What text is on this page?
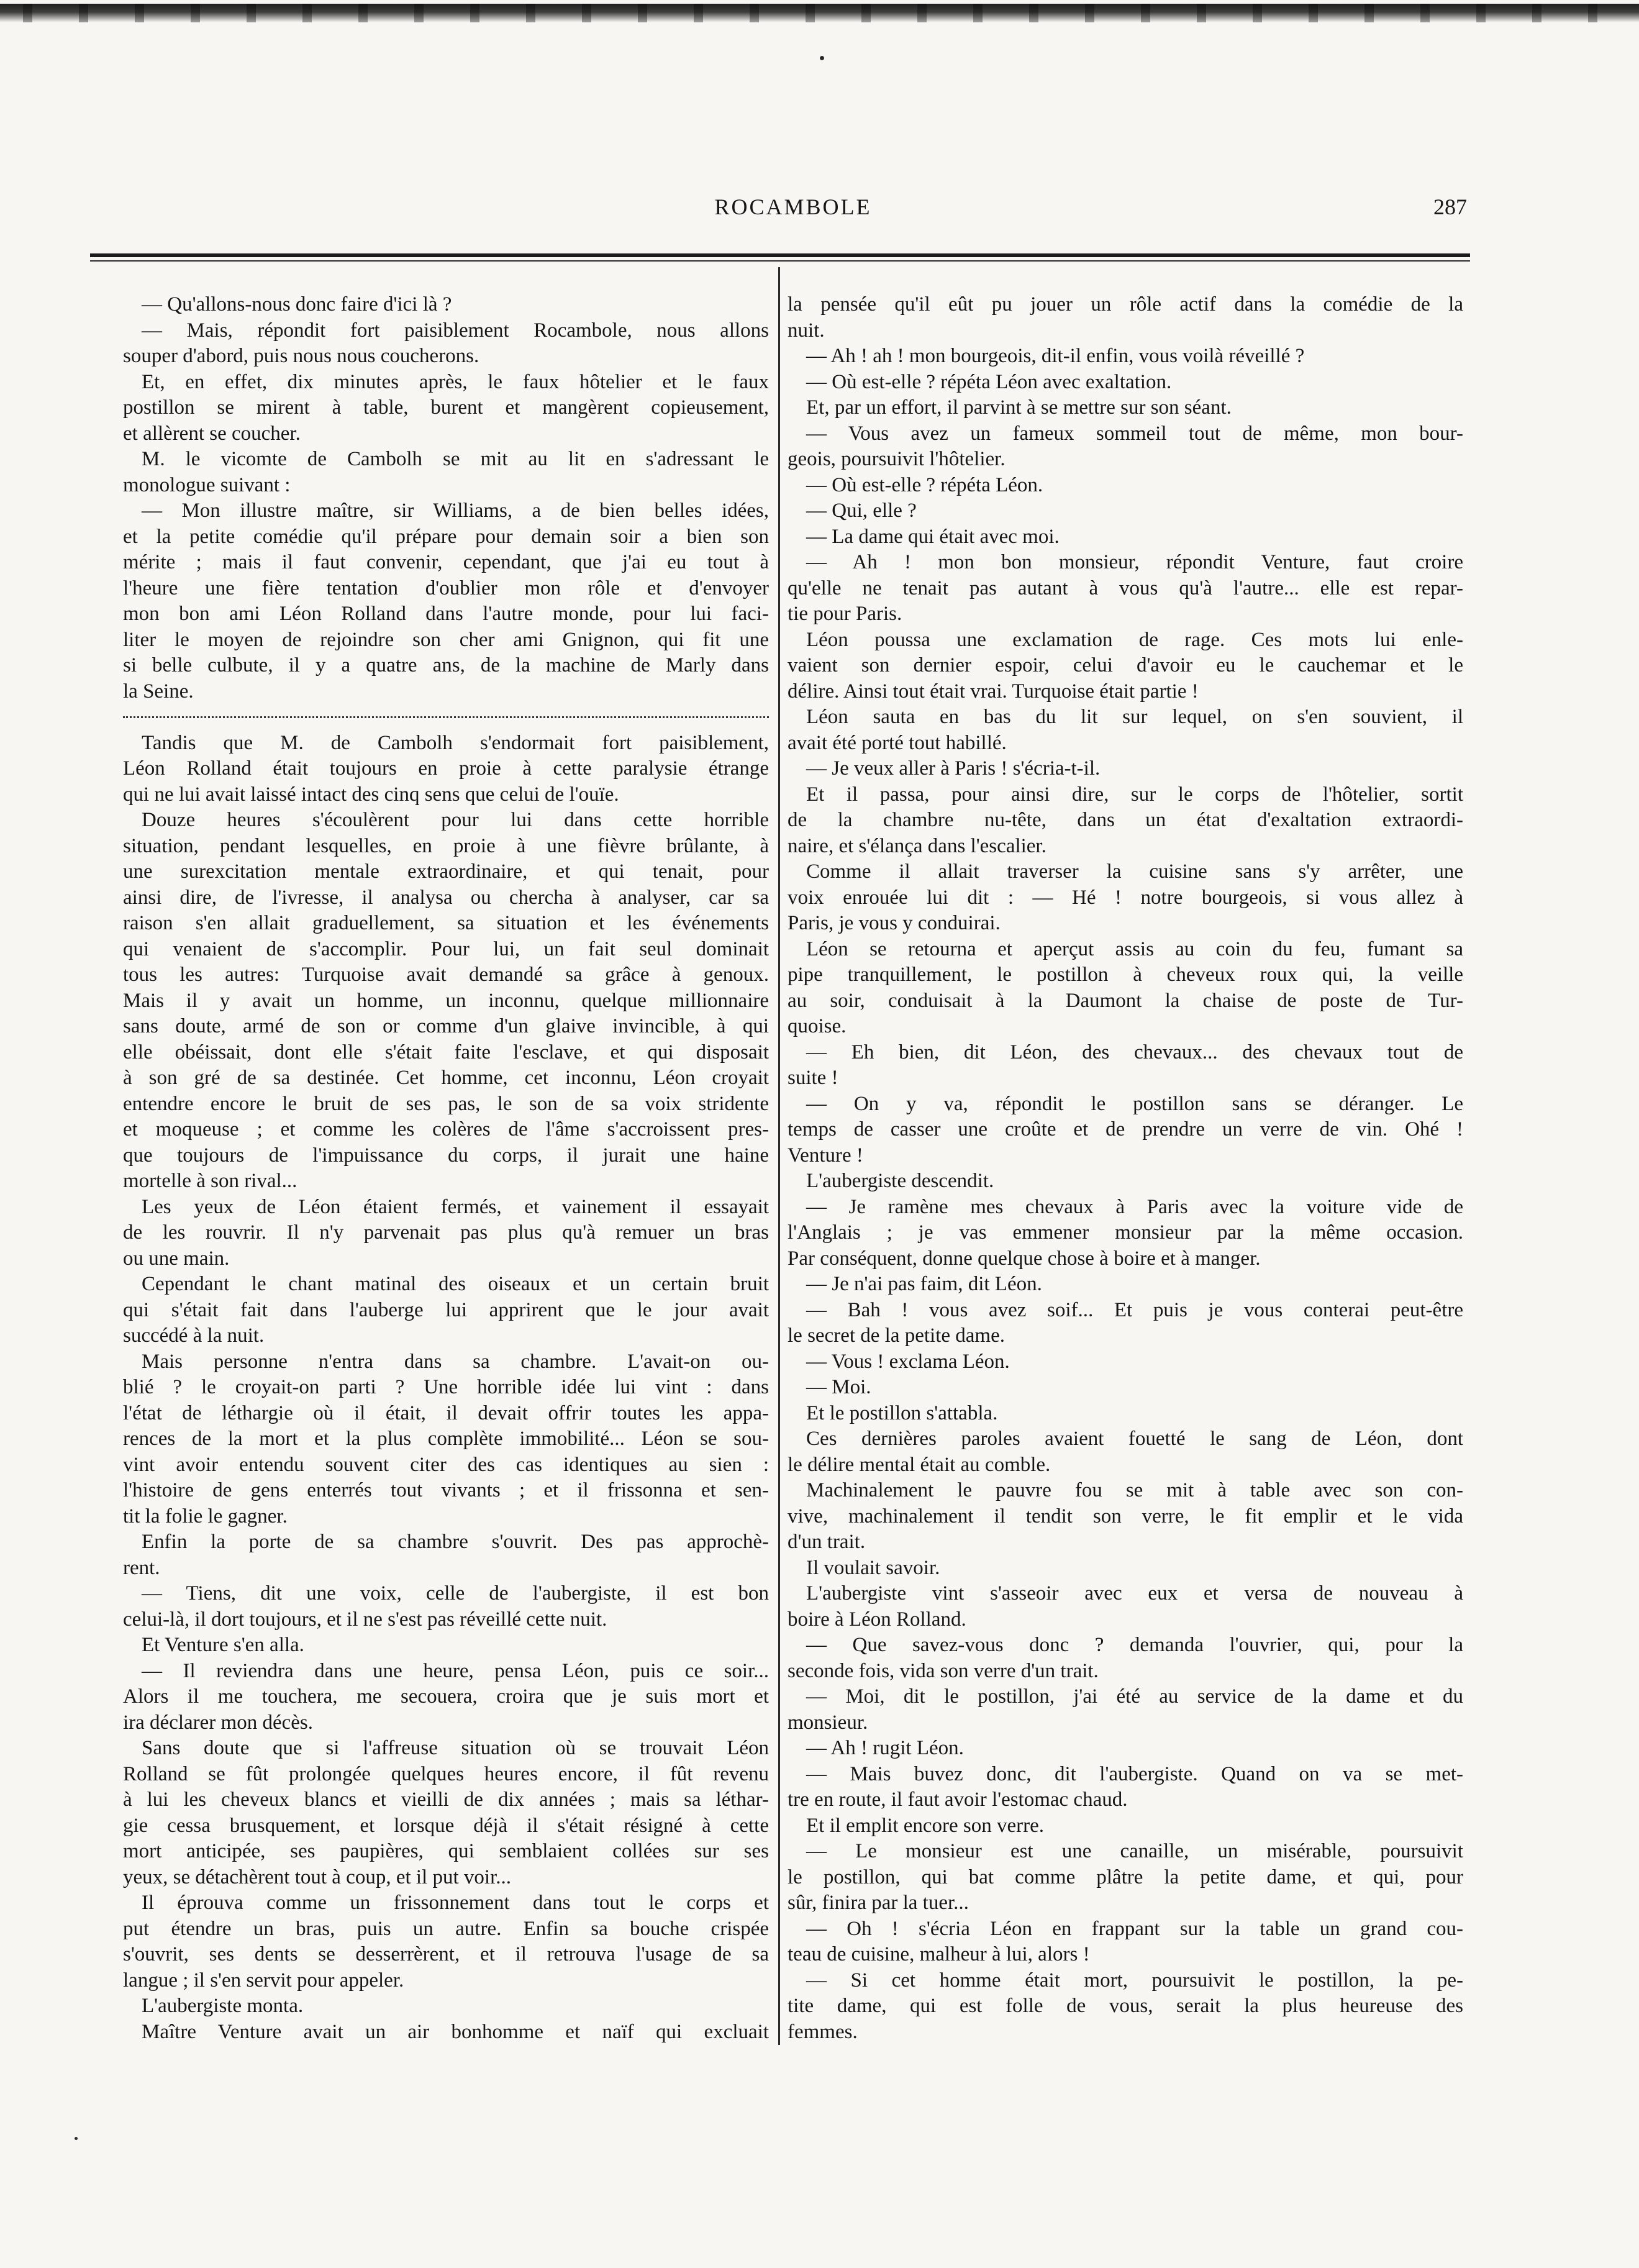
ROCAMBOLE	287
— Qu'allons-nous donc faire d'ici là ?
— Mais, répondit fort paisiblement Rocambole, nous allons
souper d'abord, puis nous nous coucherons.
Et, en effet, dix minutes après, le faux hôtelier et le faux
postillon se mirent à table, burent et mangèrent copieusement,
et allèrent se coucher.
M. le vicomte de Cambolh se mit au lit en s'adressant le
monologue suivant :
— Mon illustre maître, sir Williams, a de bien belles idées,
et la petite comédie qu'il prépare pour demain soir a bien son
mérite ; mais il faut convenir, cependant, que j'ai eu tout à
l'heure une fière tentation d'oublier mon rôle et d'envoyer
mon bon ami Léon Rolland dans l'autre monde, pour lui faci-
liter le moyen de rejoindre son cher ami Gnignon, qui fit une
si belle culbute, il y a quatre ans, de la machine de Marly dans
la Seine.
Tandis que M. de Cambolh s'endormait fort paisiblement,
Léon Rolland était toujours en proie à cette paralysie étrange
qui ne lui avait laissé intact des cinq sens que celui de l'ouïe.
Douze heures s'écoulèrent pour lui dans cette horrible
situation, pendant lesquelles, en proie à une fièvre brûlante, à
une surexcitation mentale extraordinaire, et qui tenait, pour
ainsi dire, de l'ivresse, il analysa ou chercha à analyser, car sa
raison s'en allait graduellement, sa situation et les événements
qui venaient de s'accomplir. Pour lui, un fait seul dominait
tous les autres: Turquoise avait demandé sa grâce à genoux.
Mais il y avait un homme, un inconnu, quelque millionnaire
sans doute, armé de son or comme d'un glaive invincible, à qui
elle obéissait, dont elle s'était faite l'esclave, et qui disposait
à son gré de sa destinée. Cet homme, cet inconnu, Léon croyait
entendre encore le bruit de ses pas, le son de sa voix stridente
et moqueuse ; et comme les colères de l'âme s'accroissent pres-
que toujours de l'impuissance du corps, il jurait une haine
mortelle à son rival...
Les yeux de Léon étaient fermés, et vainement il essayait
de les rouvrir. Il n'y parvenait pas plus qu'à remuer un bras
ou une main.
Cependant le chant matinal des oiseaux et un certain bruit
qui s'était fait dans l'auberge lui apprirent que le jour avait
succédé à la nuit.
Mais personne n'entra dans sa chambre. L'avait-on ou-
blié ? le croyait-on parti ? Une horrible idée lui vint : dans
l'état de léthargie où il était, il devait offrir toutes les appa-
rences de la mort et la plus complète immobilité... Léon se sou-
vint avoir entendu souvent citer des cas identiques au sien :
l'histoire de gens enterrés tout vivants ; et il frissonna et sen-
tit la folie le gagner.
Enfin la porte de sa chambre s'ouvrit. Des pas approchè-
rent.
— Tiens, dit une voix, celle de l'aubergiste, il est bon
celui-là, il dort toujours, et il ne s'est pas réveillé cette nuit.
Et Venture s'en alla.
— Il reviendra dans une heure, pensa Léon, puis ce soir...
Alors il me touchera, me secouera, croira que je suis mort et
ira déclarer mon décès.
Sans doute que si l'affreuse situation où se trouvait Léon
Rolland se fût prolongée quelques heures encore, il fût revenu
à lui les cheveux blancs et vieilli de dix années ; mais sa léthar-
gie cessa brusquement, et lorsque déjà il s'était résigné à cette
mort anticipée, ses paupières, qui semblaient collées sur ses
yeux, se détachèrent tout à coup, et il put voir...
Il éprouva comme un frissonnement dans tout le corps et
put étendre un bras, puis un autre. Enfin sa bouche crispée
s'ouvrit, ses dents se desserrèrent, et il retrouva l'usage de sa
langue ; il s'en servit pour appeler.
L'aubergiste monta.
Maître Venture avait un air bonhomme et naïf qui excluait
la pensée qu'il eût pu jouer un rôle actif dans la comédie de la
nuit.
— Ah ! ah ! mon bourgeois, dit-il enfin, vous voilà réveillé ?
— Où est-elle ? répéta Léon avec exaltation.
Et, par un effort, il parvint à se mettre sur son séant.
— Vous avez un fameux sommeil tout de même, mon bour-
geois, poursuivit l'hôtelier.
— Où est-elle ? répéta Léon.
— Qui, elle ?
— La dame qui était avec moi.
— Ah ! mon bon monsieur, répondit Venture, faut croire
qu'elle ne tenait pas autant à vous qu'à l'autre... elle est repar-
tie pour Paris.
Léon poussa une exclamation de rage. Ces mots lui enle-
vaient son dernier espoir, celui d'avoir eu le cauchemar et le
délire. Ainsi tout était vrai. Turquoise était partie !
Léon sauta en bas du lit sur lequel, on s'en souvient, il
avait été porté tout habillé.
— Je veux aller à Paris ! s'écria-t-il.
Et il passa, pour ainsi dire, sur le corps de l'hôtelier, sortit
de la chambre nu-tête, dans un état d'exaltation extraordi-
naire, et s'élança dans l'escalier.
Comme il allait traverser la cuisine sans s'y arrêter, une
voix enrouée lui dit : — Hé ! notre bourgeois, si vous allez à
Paris, je vous y conduirai.
Léon se retourna et aperçut assis au coin du feu, fumant sa
pipe tranquillement, le postillon à cheveux roux qui, la veille
au soir, conduisait à la Daumont la chaise de poste de Tur-
quoise.
— Eh bien, dit Léon, des chevaux... des chevaux tout de
suite !
— On y va, répondit le postillon sans se déranger. Le
temps de casser une croûte et de prendre un verre de vin. Ohé !
Venture !
L'aubergiste descendit.
— Je ramène mes chevaux à Paris avec la voiture vide de
l'Anglais ; je vas emmener monsieur par la même occasion.
Par conséquent, donne quelque chose à boire et à manger.
— Je n'ai pas faim, dit Léon.
— Bah ! vous avez soif... Et puis je vous conterai peut-être
le secret de la petite dame.
— Vous ! exclama Léon.
— Moi.
Et le postillon s'attabla.
Ces dernières paroles avaient fouetté le sang de Léon, dont
le délire mental était au comble.
Machinalement le pauvre fou se mit à table avec son con-
vive, machinalement il tendit son verre, le fit emplir et le vida
d'un trait.
Il voulait savoir.
L'aubergiste vint s'asseoir avec eux et versa de nouveau à
boire à Léon Rolland.
— Que savez-vous donc ? demanda l'ouvrier, qui, pour la
seconde fois, vida son verre d'un trait.
— Moi, dit le postillon, j'ai été au service de la dame et du
monsieur.
— Ah ! rugit Léon.
— Mais buvez donc, dit l'aubergiste. Quand on va se met-
tre en route, il faut avoir l'estomac chaud.
Et il emplit encore son verre.
— Le monsieur est une canaille, un misérable, poursuivit
le postillon, qui bat comme plâtre la petite dame, et qui, pour
sûr, finira par la tuer...
— Oh ! s'écria Léon en frappant sur la table un grand cou-
teau de cuisine, malheur à lui, alors !
— Si cet homme était mort, poursuivit le postillon, la pe-
tite dame, qui est folle de vous, serait la plus heureuse des
femmes.
